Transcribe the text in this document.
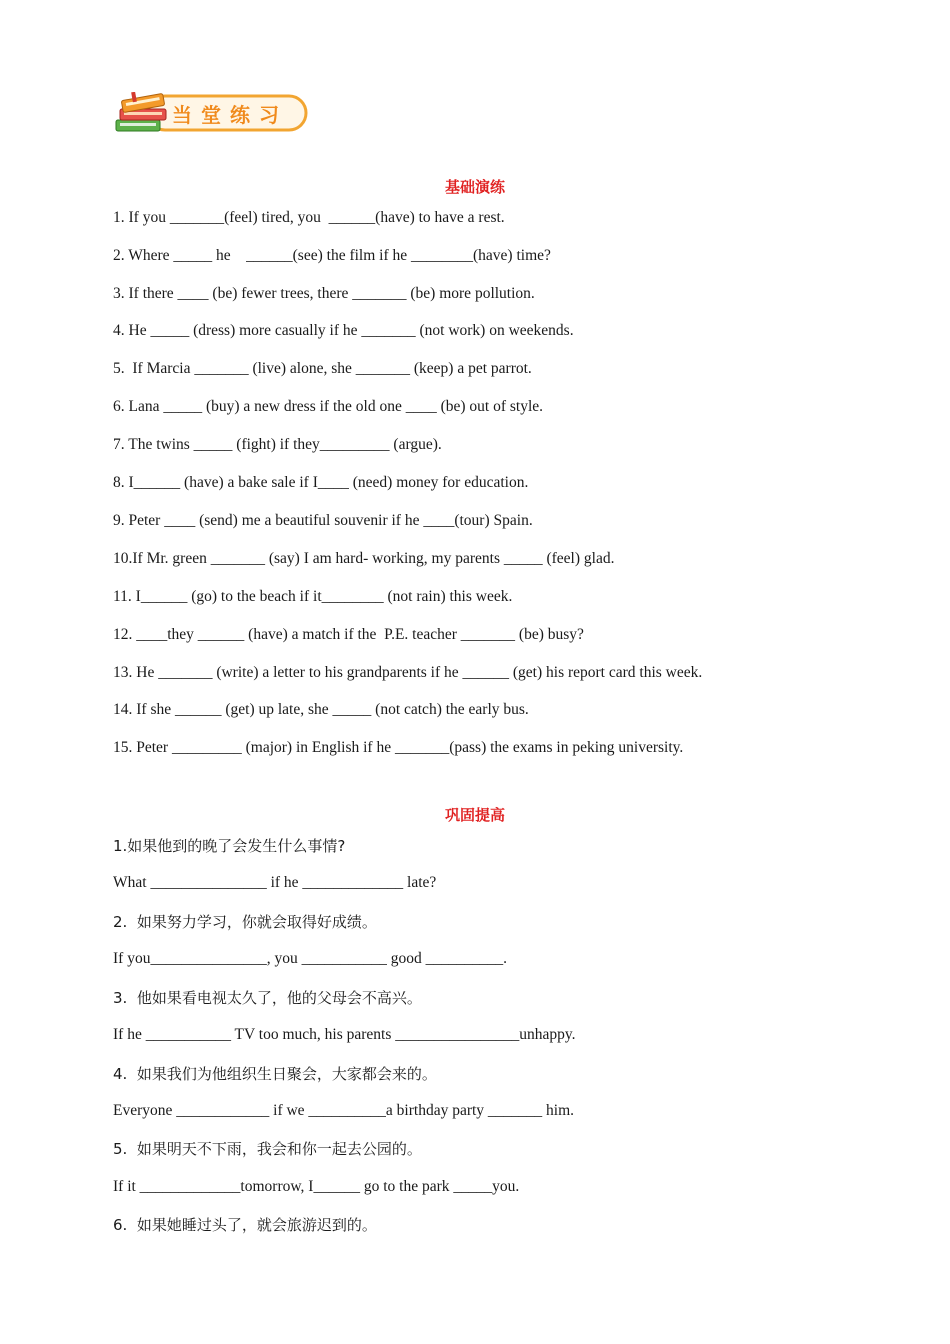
当堂练习
基础演练
1. If you _______(feel) tired, you  ______(have) to have a rest.
2. Where _____ he    ______(see) the film if he ________(have) time?
3. If there ____ (be) fewer trees, there _______ (be) more pollution.
4. He _____ (dress) more casually if he _______ (not work) on weekends.
5.  If Marcia _______ (live) alone, she _______ (keep) a pet parrot.
6. Lana _____ (buy) a new dress if the old one ____ (be) out of style.
7. The twins _____ (fight) if they_________ (argue).
8. I______ (have) a bake sale if I____ (need) money for education.
9. Peter ____ (send) me a beautiful souvenir if he ____(tour) Spain.
10.If Mr. green _______ (say) I am hard- working, my parents _____ (feel) glad.
11. I______ (go) to the beach if it________ (not rain) this week.
12. ____they ______ (have) a match if the  P.E. teacher _______ (be) busy?
13. He _______ (write) a letter to his grandparents if he ______ (get) his report card this week.
14. If she ______ (get) up late, she _____ (not catch) the early bus.
15. Peter _________ (major) in English if he _______(pass) the exams in peking university.
巩固提高
1.如果他到的晚了会发生什么事情?
What _______________ if he _____________ late?
2.  如果努力学习，你就会取得好成绩。
If you_______________, you ___________ good __________.
3.  他如果看电视太久了，他的父母会不高兴。
If he ___________ TV too much, his parents ________________unhappy.
4.  如果我们为他组织生日聚会，大家都会来的。
Everyone ____________ if we __________a birthday party _______ him.
5.  如果明天不下雨，我会和你一起去公园的。
If it _____________tomorrow, I______ go to the park _____you.
6.  如果她睡过头了，就会旅游迟到的。
